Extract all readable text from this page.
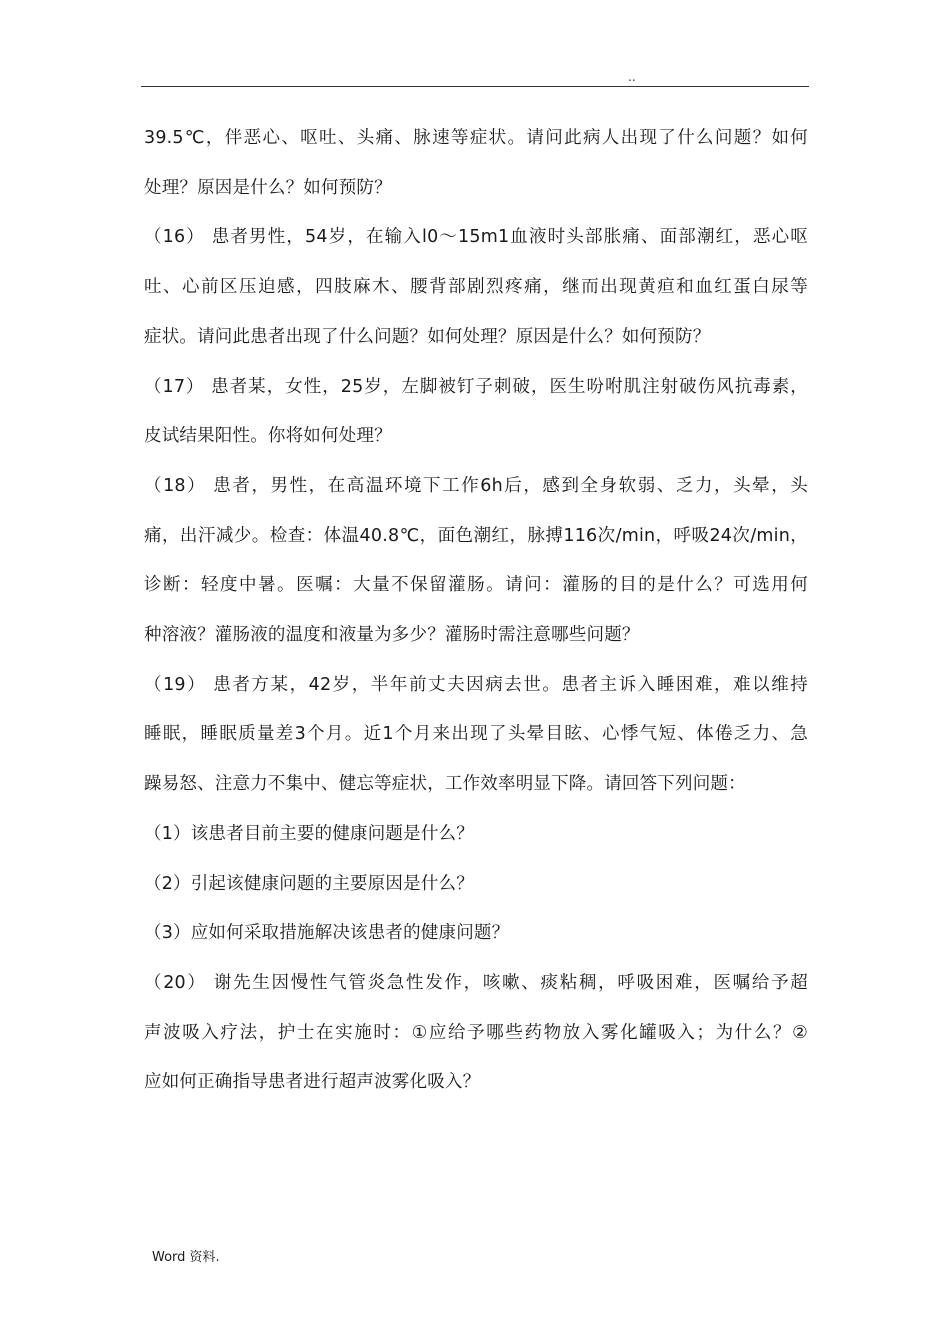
..
39.5℃，伴恶心、呕吐、头痛、脉速等症状。请问此病人出现了什么问题？如何
处理？原因是什么？如何预防？
（16） 患者男性，54岁，在输入l0～15m1血液时头部胀痛、面部潮红，恶心呕
吐、心前区压迫感，四肢麻木、腰背部剧烈疼痛，继而出现黄疸和血红蛋白尿等
症状。请问此患者出现了什么问题？如何处理？原因是什么？如何预防？
（17） 患者某，女性，25岁，左脚被钉子刺破，医生吩咐肌注射破伤风抗毒素，
皮试结果阳性。你将如何处理？
（18） 患者，男性，在高温环境下工作6h后，感到全身软弱、乏力，头晕，头
痛，出汗减少。检查：体温40.8℃，面色潮红，脉搏116次/min，呼吸24次/min，
诊断：轻度中暑。医嘱：大量不保留灌肠。请问：灌肠的目的是什么？可选用何
种溶液？灌肠液的温度和液量为多少？灌肠时需注意哪些问题？
（19） 患者方某，42岁，半年前丈夫因病去世。患者主诉入睡困难，难以维持
睡眠，睡眠质量差3个月。近1个月来出现了头晕目眩、心悸气短、体倦乏力、急
躁易怒、注意力不集中、健忘等症状，工作效率明显下降。请回答下列问题：
（1）该患者目前主要的健康问题是什么？
（2）引起该健康问题的主要原因是什么？
（3）应如何采取措施解决该患者的健康问题？
（20） 谢先生因慢性气管炎急性发作，咳嗽、痰粘稠，呼吸困难，医嘱给予超
声波吸入疗法，护士在实施时：①应给予哪些药物放入雾化罐吸入；为什么？②
应如何正确指导患者进行超声波雾化吸入？
Word 资料.
